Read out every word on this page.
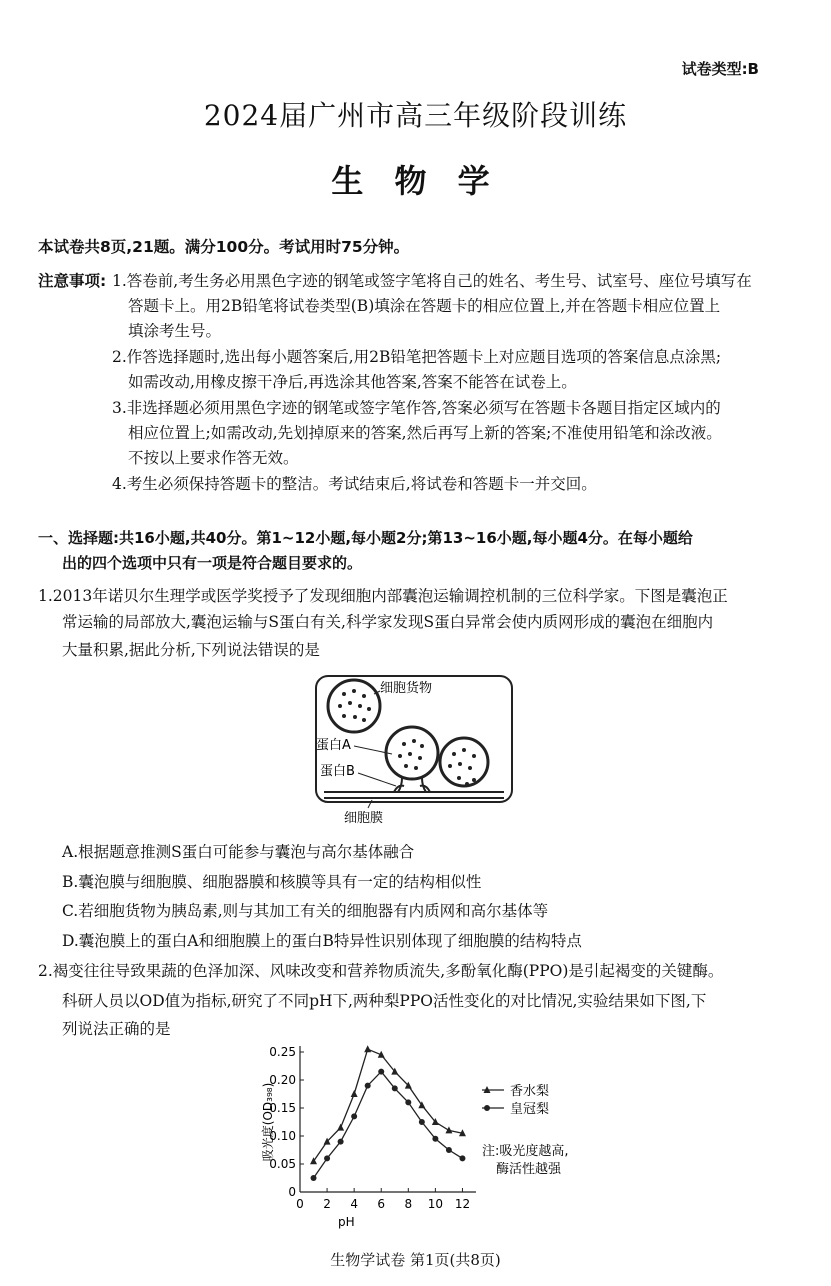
试卷类型:B
2024届广州市高三年级阶段训练
生 物 学
本试卷共8页,21题。满分100分。考试用时75分钟。
注意事项: 1.答卷前,考生务必用黑色字迹的钢笔或签字笔将自己的姓名、考生号、试室号、座位号填写在
答题卡上。用2B铅笔将试卷类型(B)填涂在答题卡的相应位置上,并在答题卡相应位置上
填涂考生号。
2.作答选择题时,选出每小题答案后,用2B铅笔把答题卡上对应题目选项的答案信息点涂黑;
如需改动,用橡皮擦干净后,再选涂其他答案,答案不能答在试卷上。
3.非选择题必须用黑色字迹的钢笔或签字笔作答,答案必须写在答题卡各题目指定区域内的
相应位置上;如需改动,先划掉原来的答案,然后再写上新的答案;不准使用铅笔和涂改液。
不按以上要求作答无效。
4.考生必须保持答题卡的整洁。考试结束后,将试卷和答题卡一并交回。
一、选择题:共16小题,共40分。第1~12小题,每小题2分;第13~16小题,每小题4分。在每小题给
出的四个选项中只有一项是符合题目要求的。
1.2013年诺贝尔生理学或医学奖授予了发现细胞内部囊泡运输调控机制的三位科学家。下图是囊泡正
常运输的局部放大,囊泡运输与S蛋白有关,科学家发现S蛋白异常会使内质网形成的囊泡在细胞内
大量积累,据此分析,下列说法错误的是
细胞货物
蛋白A
蛋白B
细胞膜
A.根据题意推测S蛋白可能参与囊泡与高尔基体融合
B.囊泡膜与细胞膜、细胞器膜和核膜等具有一定的结构相似性
C.若细胞货物为胰岛素,则与其加工有关的细胞器有内质网和高尔基体等
D.囊泡膜上的蛋白A和细胞膜上的蛋白B特异性识别体现了细胞膜的结构特点
2.褐变往往导致果蔬的色泽加深、风味改变和营养物质流失,多酚氧化酶(PPO)是引起褐变的关键酶。
科研人员以OD值为指标,研究了不同pH下,两种梨PPO活性变化的对比情况,实验结果如下图,下
列说法正确的是
0 2 4 6 8 10 12
0
0.05
0.10
0.15
0.20
0.25
pH
吸光度(OD₃₉₈)	香水梨
皇冠梨
注:吸光度越高,
酶活性越强
生物学试卷 第1页(共8页)
